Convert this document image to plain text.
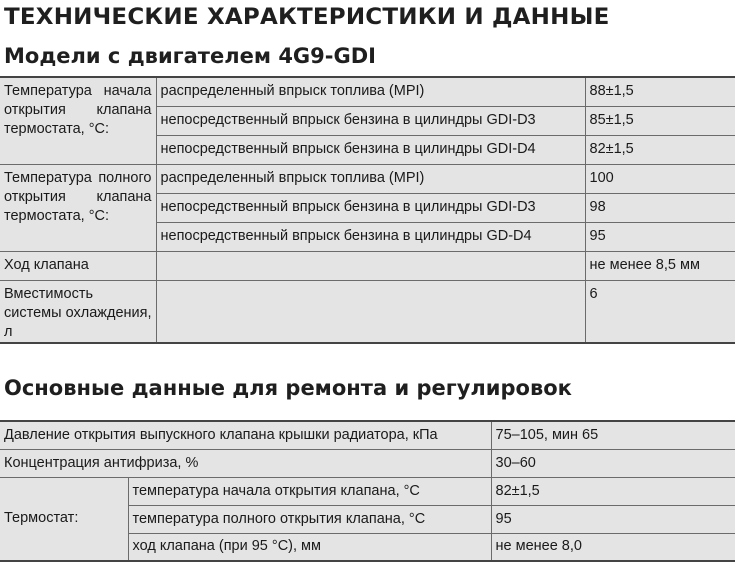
ТЕХНИЧЕСКИЕ ХАРАКТЕРИСТИКИ И ДАННЫЕ
Модели с двигателем 4G9-GDI
Температура начала открытия клапана термостата, °С:	распределенный впрыск топлива (MPI)	88±1,5
	непосредственный впрыск бензина в цилиндры GDI-D3	85±1,5
	непосредственный впрыск бензина в цилиндры GDI-D4	82±1,5
Температура полного открытия клапана термостата, °С:	распределенный впрыск топлива (MPI)	100
	непосредственный впрыск бензина в цилиндры GDI-D3	98
	непосредственный впрыск бензина в цилиндры GD-D4	95
Ход клапана		не менее 8,5 мм
Вместимость системы охлаждения, л		6
Основные данные для ремонта и регулировок
Давление открытия выпускного клапана крышки радиатора, кПа		75–105, мин 65
Концентрация антифриза, %		30–60
Термостат:	температура начала открытия клапана, °С	82±1,5
	температура полного открытия клапана, °С	95
	ход клапана (при 95 °С), мм	не менее 8,0
